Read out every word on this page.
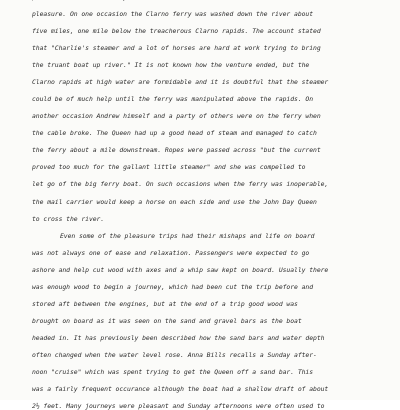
pleasure. On one occasion the Clarno ferry was washed down the river about
five miles, one mile below the treacherous Clarno rapids. The account stated
that "Charlie's steamer and a lot of horses are hard at work trying to bring
the truant boat up river." It is not known how the venture ended, but the
Clarno rapids at high water are formidable and it is doubtful that the steamer
could be of much help until the ferry was manipulated above the rapids. On
another occasion Andrew himself and a party of others were on the ferry when
the cable broke. The Queen had up a good head of steam and managed to catch
the ferry about a mile downstream. Ropes were passed across "but the current
proved too much for the gallant little steamer" and she was compelled to
let go of the big ferry boat. On such occasions when the ferry was inoperable,
the mail carrier would keep a horse on each side and use the John Day Queen
to cross the river.
Even some of the pleasure trips had their mishaps and life on board
was not always one of ease and relaxation. Passengers were expected to go
ashore and help cut wood with axes and a whip saw kept on board. Usually there
was enough wood to begin a journey, which had been cut the trip before and
stored aft between the engines, but at the end of a trip good wood was
brought on board as it was seen on the sand and gravel bars as the boat
headed in. It has previously been described how the sand bars and water depth
often changed when the water level rose. Anna Bills recalls a Sunday after-
noon "cruise" which was spent trying to get the Queen off a sand bar. This
was a fairly frequent occurance although the boat had a shallow draft of about
2½ feet. Many journeys were pleasant and Sunday afternoons were often used to
